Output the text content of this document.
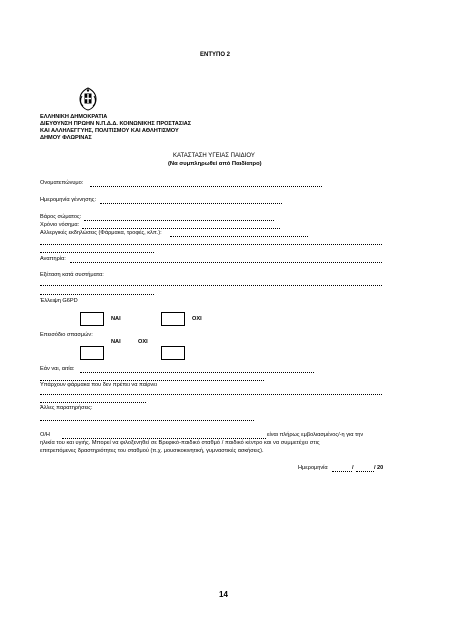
ΕΝΤΥΠΟ 2
ΕΛΛΗΝΙΚΗ ΔΗΜΟΚΡΑΤΙΑ
ΔΙΕΥΘΥΝΣΗ ΠΡΩΗΝ Ν.Π.Δ.Δ. ΚΟΙΝΩΝΙΚΗΣ ΠΡΟΣΤΑΣΙΑΣ
ΚΑΙ ΑΛΛΗΛΕΓΓΥΗΣ, ΠΟΛΙΤΙΣΜΟΥ ΚΑΙ ΑΘΛΗΤΙΣΜΟΥ
ΔΗΜΟΥ ΦΛΩΡΙΝΑΣ
ΚΑΤΑΣΤΑΣΗ ΥΓΕΙΑΣ ΠΑΙΔΙΟΥ
(Να συμπληρωθεί από Παιδίατρο)
Ονοματεπώνυμο:
Ημερομηνία γέννησης:
Βάρος σώματος:
Χρόνιο νόσημα:
Αλλεργικές εκδηλώσεις (Φάρμακα, τροφές, κλπ.):
Αναπηρία:
Εξέταση κατά συστήματα:
Έλλειψη G6PD
ΝΑΙ	ΟΧΙ
Επεισόδιο σπασμών:
ΝΑΙ	ΟΧΙ
Εάν ναι, αιτία:
Υπάρχουν φάρμακα που δεν πρέπει να παίρνει
Άλλες παρατηρήσεις:
Ο/Η	είναι πλήρως εμβολιασμένος/-η για την
ηλικία του και υγιής. Μπορεί να φιλοξενηθεί σε Βρεφικό-παιδικό σταθμό / παιδικό κέντρο και να συμμετέχει στις
επιτρεπόμενες δραστηριότητες του σταθμού (π.χ. μουσικοκινητική, γυμναστικές ασκήσεις).
Ημερομηνία	/	/ 20
14
